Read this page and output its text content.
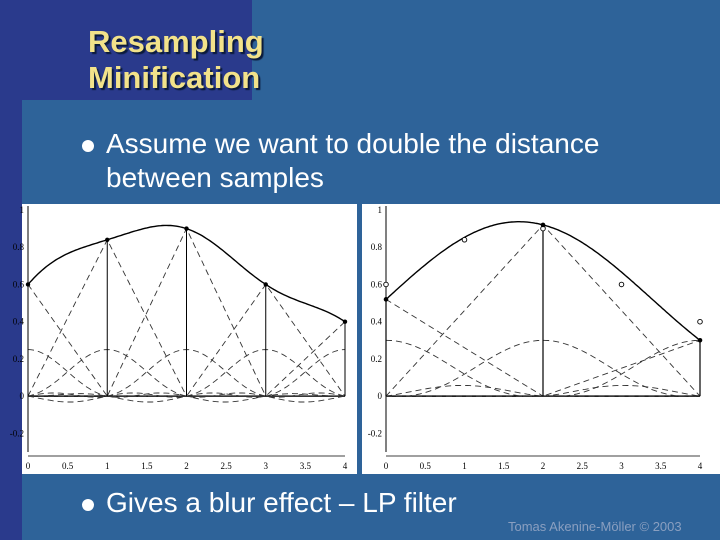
Resampling
Minification
Assume we want to double the distance
between samples
0	0.5	1	1.5	2	2.5	3	3.5	4
1
0.8
0.6
0.4
0.2
0
-0.2
0	0.5	1	1.5	2	2.5	3	3.5	4
1
0.8
0.6
0.4
0.2
0
-0.2
Gives a blur effect – LP filter
Tomas Akenine-Möller © 2003
